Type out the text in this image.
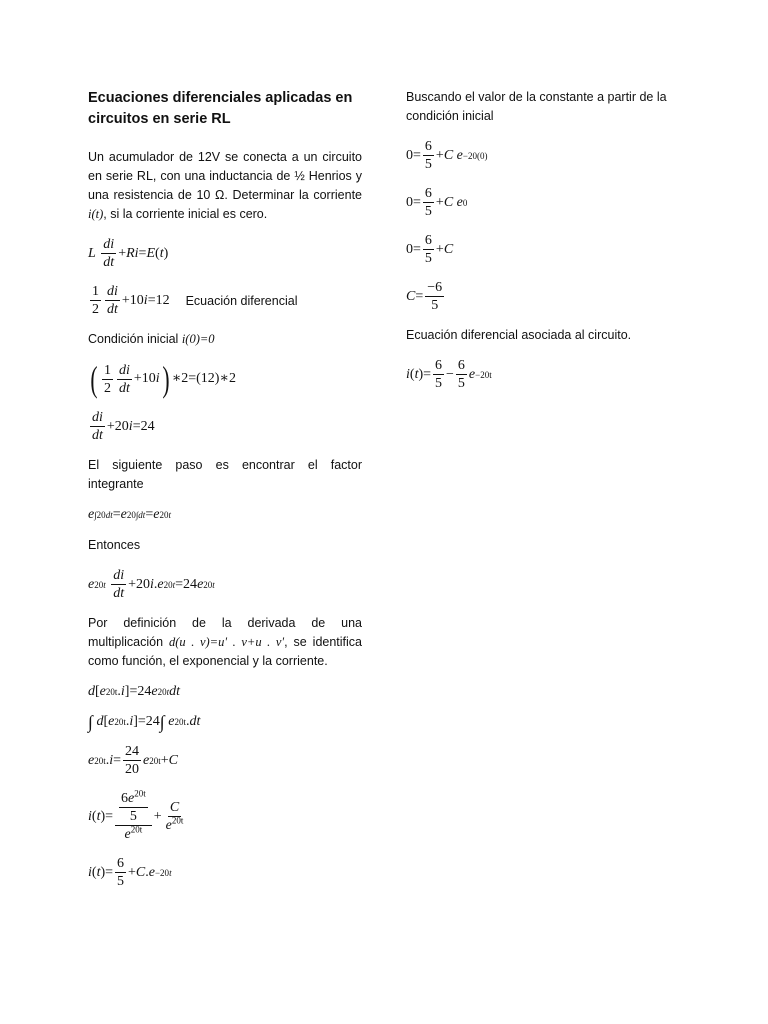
Ecuaciones diferenciales aplicadas en circuitos en serie RL

Un acumulador de 12V se conecta a un circuito en serie RL, con una inductancia de ½ Henrios y una resistencia de 10 Ω. Determinar la corriente i(t), si la corriente inicial es cero.

L
$\frac{di}{dt} + Ri = E$ ( t )
$\frac{1}{2} \frac{di}{dt} +10$ i =12 Ecuación diferencial

Condición inicial i(0)=0

( $\frac{1}{2} \frac{di}{dt} +10$ i ) ∗2=(12)∗2
$\frac{di}{dt} +20$ i =24

El siguiente paso es encontrar el factor integrante

e ∫20dt = e 20∫dt = e 20t

Entonces

e 20t
$\frac{di}{dt} +20$ i . e 20t =24 e 20t

Por definición de la derivada de una multiplicación d(u . v)=u' . v+u . v', se identifica como función, el exponencial y la corriente.

d [ e 20t . i ]=24 e 20t dt
∫
d [ e 20t . i ]=24 ∫
e 20t . dt
e 20t . $i = \frac{24}{20}$ e 20t + C
i ( t )= $\frac{\frac{6e^{20t}}{5}}{e^{20t}} + \frac{C}{e^{20t}}$
i ( t )= $\frac{6}{5} + C$ . e −20t

Buscando el valor de la constante a partir de la condición inicial

$0= \frac{6}{5} + C$
e −20(0)
$0= \frac{6}{5} + C$
e 0
$0= \frac{6}{5} + C$
$C = \frac{-6}{5}$

Ecuación diferencial asociada al circuito.

i ( t )= $\frac{6}{5} - \frac{6}{5}$ e −20t
